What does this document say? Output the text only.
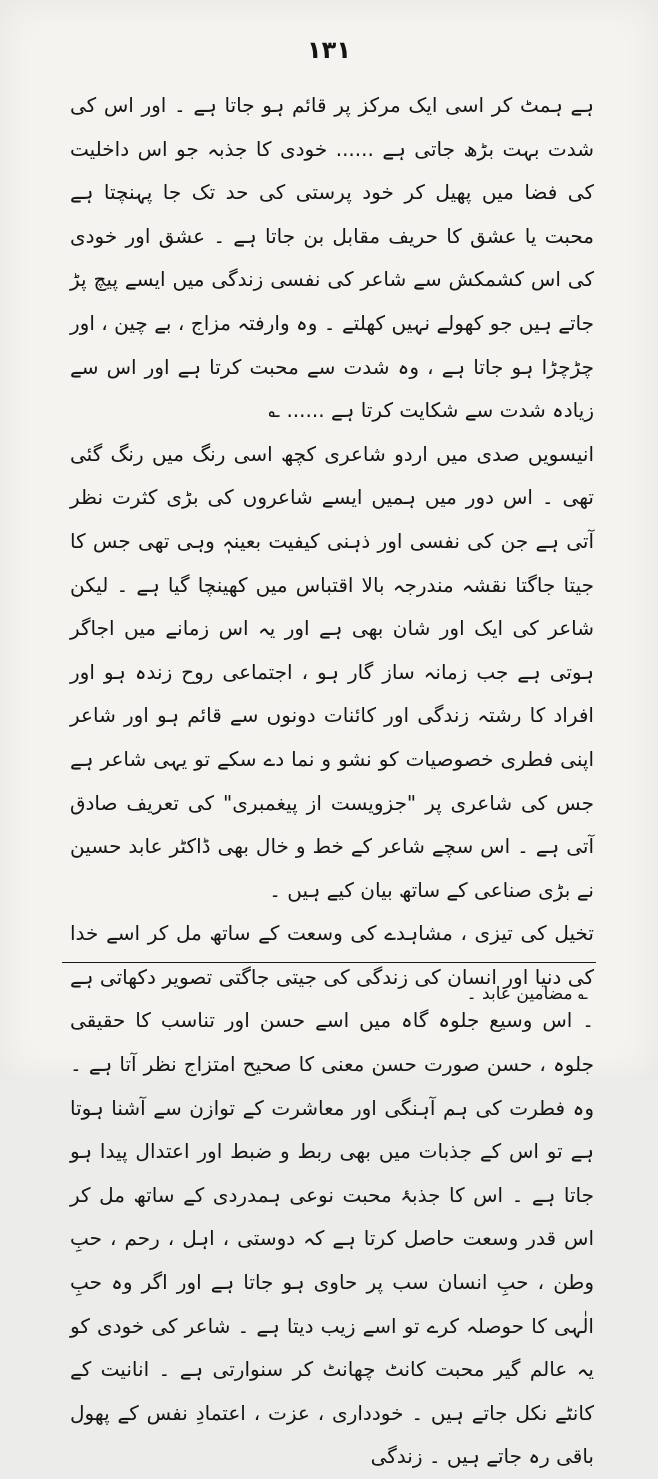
۱۳۱

ہے ہمٹ کر اسی ایک مرکز پر قائم ہو جاتا ہے ۔ اور اس کی شدت بہت بڑھ جاتی ہے ...... خودی کا جذبہ جو اس داخلیت کی فضا میں پھیل کر خود پرستی کی حد تک جا پہنچتا ہے محبت یا عشق کا حریف مقابل بن جاتا ہے ۔ عشق اور خودی کی اس کشمکش سے شاعر کی نفسی زندگی میں ایسے پیچ پڑ جاتے ہیں جو کھولے نہیں کھلتے ۔ وہ وارفتہ مزاج ، بے چین ، اور چڑچڑا ہو جاتا ہے ، وہ شدت سے محبت کرتا ہے اور اس سے زیادہ شدت سے شکایت کرتا ہے ...... ؎

انیسویں صدی میں اردو شاعری کچھ اسی رنگ میں رنگ گئی تھی ۔ اس دور میں ہمیں ایسے شاعروں کی بڑی کثرت نظر آتی ہے جن کی نفسی اور ذہنی کیفیت بعینہٖ وہی تھی جس کا جیتا جاگتا نقشہ مندرجہ بالا اقتباس میں کھینچا گیا ہے ۔ لیکن شاعر کی ایک اور شان بھی ہے اور یہ اس زمانے میں اجاگر ہوتی ہے جب زمانہ ساز گار ہو ، اجتماعی روح زندہ ہو اور افراد کا رشتہ زندگی اور کائنات دونوں سے قائم ہو اور شاعر اپنی فطری خصوصیات کو نشو و نما دے سکے تو یہی شاعر ہے جس کی شاعری پر "جزویست از پیغمبری" کی تعریف صادق آتی ہے ۔ اس سچے شاعر کے خط و خال بھی ڈاکٹر عابد حسین نے بڑی صناعی کے ساتھ بیان کیے ہیں ۔

تخیل کی تیزی ، مشاہدے کی وسعت کے ساتھ مل کر اسے خدا کی دنیا اور انسان کی زندگی کی جیتی جاگتی تصویر دکھاتی ہے ۔ اس وسیع جلوہ گاہ میں اسے حسن اور تناسب کا حقیقی جلوہ ، حسن صورت حسن معنی کا صحیح امتزاج نظر آتا ہے ۔ وہ فطرت کی ہم آہنگی اور معاشرت کے توازن سے آشنا ہوتا ہے تو اس کے جذبات میں بھی ربط و ضبط اور اعتدال پیدا ہو جاتا ہے ۔ اس کا جذبۂ محبت نوعی ہمدردی کے ساتھ مل کر اس قدر وسعت حاصل کرتا ہے کہ دوستی ، اہل ، رحم ، حبِ وطن ، حبِ انسان سب پر حاوی ہو جاتا ہے اور اگر وہ حبِ الٰہی کا حوصلہ کرے تو اسے زیب دیتا ہے ۔ شاعر کی خودی کو یہ عالم گیر محبت کانٹ چھانٹ کر سنوارتی ہے ۔ انانیت کے کانٹے نکل جاتے ہیں ۔ خودداری ، عزت ، اعتمادِ نفس کے پھول باقی رہ جاتے ہیں ۔ زندگی

؎ مضامین عابد ۔
